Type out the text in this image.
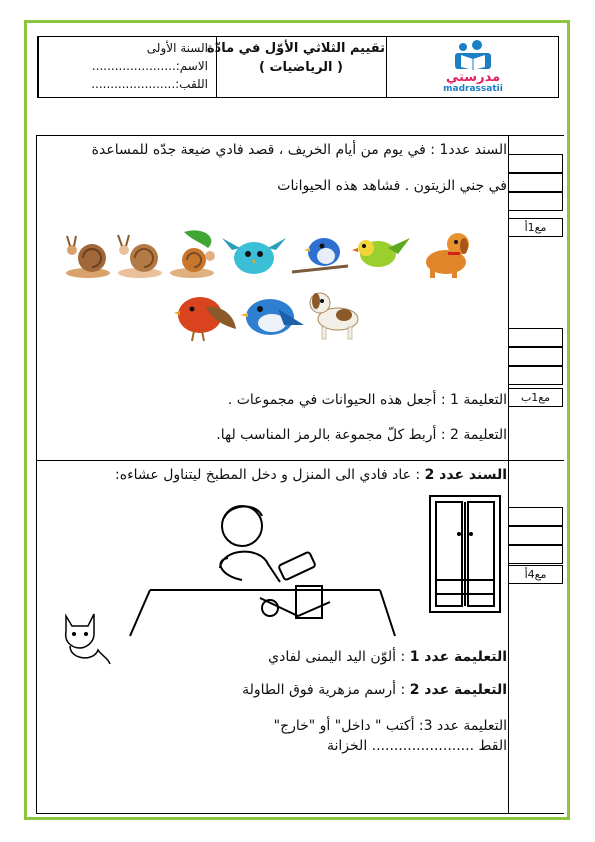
السنة الأولى
الاسم:......................
اللقب:......................
تقييم الثلاثي الأوّل في مادّة
( الرياضيات )
مدرستي
madrassatii
مع1أ
مع1ب
السند عدد1 : في يوم من أيام الخريف ، قصد فادي ضيعة جدّه للمساعدة
في جني الزيتون . فشاهد هذه الحيوانات
التعليمة 1 : أجعل هذه الحيوانات في مجموعات .
التعليمة 2 : أربط كلّ مجموعة بالرمز المناسب لها.
مع4أ
السند عدد 2 : عاد فادي الى المنزل و دخل المطبخ ليتناول عشاءه:
التعليمة عدد 1 : ألوّن اليد اليمنى لفادي
التعليمة عدد 2 : أرسم مزهرية فوق الطاولة
التعليمة عدد 3: أكتب " داخل" أو "خارج"
القط ....................... الخزانة
